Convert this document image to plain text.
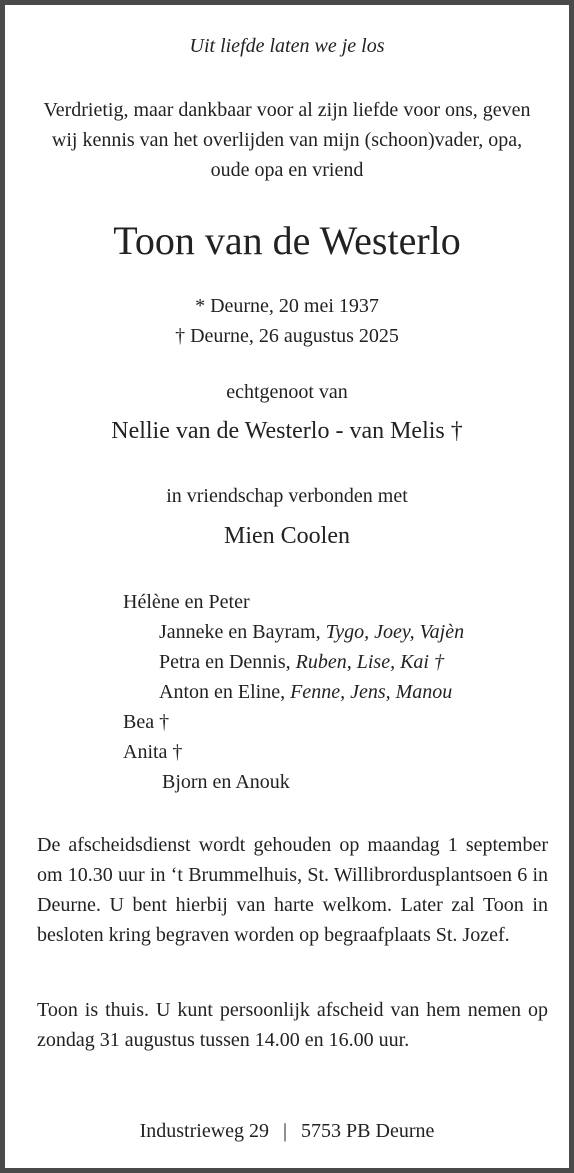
Uit liefde laten we je los
Verdrietig, maar dankbaar voor al zijn liefde voor ons, geven wij kennis van het overlijden van mijn (schoon)vader, opa, oude opa en vriend
Toon van de Westerlo
* Deurne, 20 mei 1937
† Deurne, 26 augustus 2025
echtgenoot van
Nellie van de Westerlo - van Melis †
in vriendschap verbonden met
Mien Coolen
Hélène en Peter
Janneke en Bayram, Tygo, Joey, Vajèn
Petra en Dennis, Ruben, Lise, Kai †
Anton en Eline, Fenne, Jens, Manou
Bea †
Anita †
Bjorn en Anouk
De afscheidsdienst wordt gehouden op maandag 1 september om 10.30 uur in ‘t Brummelhuis, St. Willibrordusplantsoen 6 in Deurne. U bent hierbij van harte welkom. Later zal Toon in besloten kring begraven worden op begraafplaats St. Jozef.
Toon is thuis. U kunt persoonlijk afscheid van hem nemen op zondag 31 augustus tussen 14.00 en 16.00 uur.
Industrieweg 29 | 5753 PB Deurne
